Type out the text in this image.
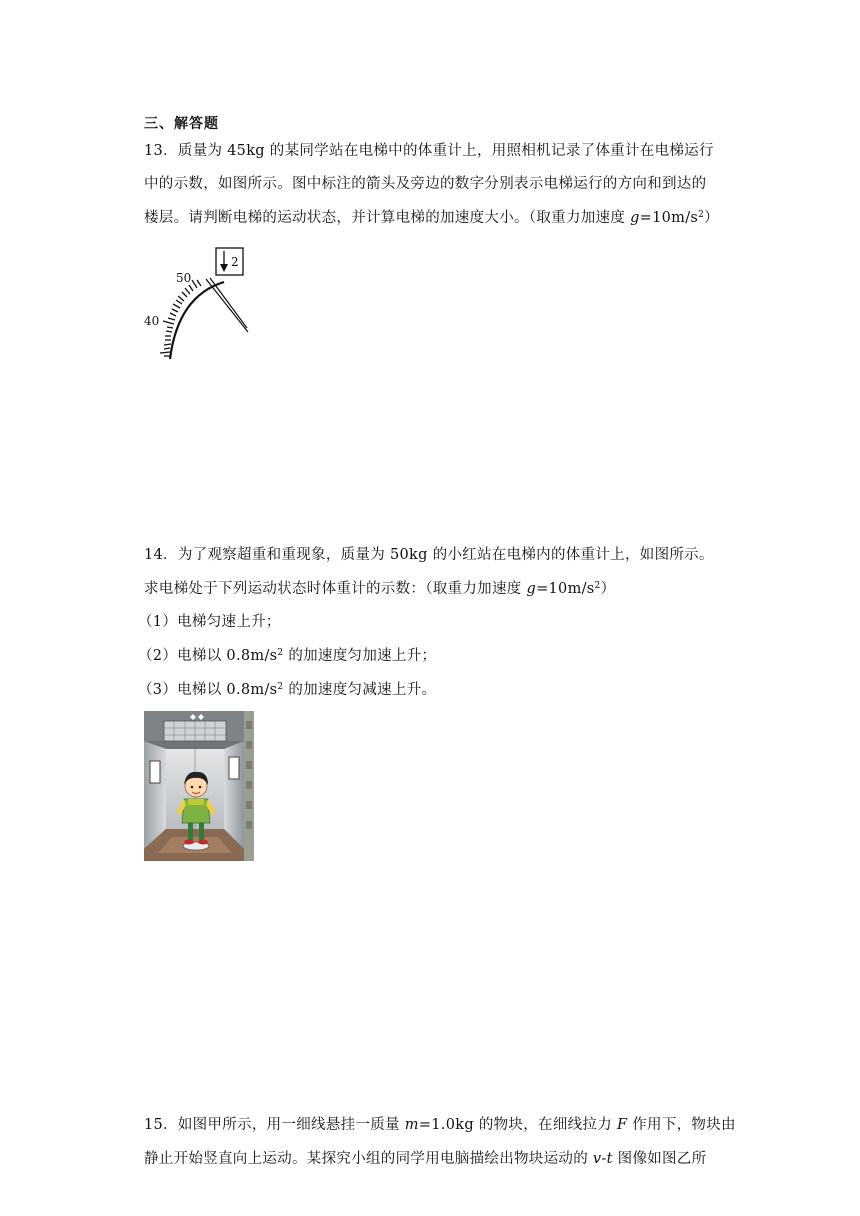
三、解答题
13．质量为 45kg 的某同学站在电梯中的体重计上，用照相机记录了体重计在电梯运行
中的示数，如图所示。图中标注的箭头及旁边的数字分别表示电梯运行的方向和到达的
楼层。请判断电梯的运动状态，并计算电梯的加速度大小。（取重力加速度 $g=10m/s^2$）
50
40
2
14．为了观察超重和重现象，质量为 50kg 的小红站在电梯内的体重计上，如图所示。
求电梯处于下列运动状态时体重计的示数：（取重力加速度 $g=10m/s^2$）
（1）电梯匀速上升；
（2）电梯以 $0.8m/s^2$ 的加速度匀加速上升；
（3）电梯以 $0.8m/s^2$ 的加速度匀减速上升。
15．如图甲所示，用一细线悬挂一质量 m=1.0kg 的物块，在细线拉力 F 作用下，物块由
静止开始竖直向上运动。某探究小组的同学用电脑描绘出物块运动的 v-t 图像如图乙所
